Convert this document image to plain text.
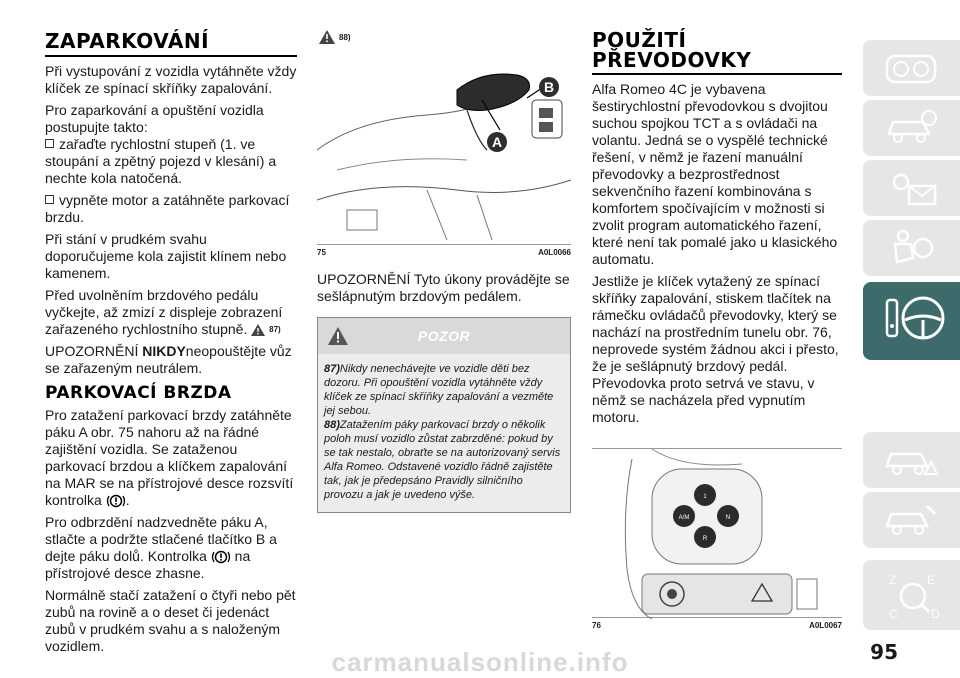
ZAPARKOVÁNÍ

Při vystupování z vozidla vytáhněte vždy klíček ze spínací skříňky zapalování.

Pro zaparkování a opuštění vozidla postupujte takto:

zařaďte rychlostní stupeň (1. ve

stoupání a zpětný pojezd v klesání) a nechte kola natočená.

vypněte motor a zatáhněte parkovací

brzdu.

Při stání v prudkém svahu doporučujeme kola zajistit klínem nebo kamenem.

Před uvolněním brzdového pedálu vyčkejte, až zmizí z displeje zobrazení zařazeného rychlostního stupně.	$^{87)}$

UPOZORNĚNÍ NIKDYneopouštějte vůz se zařazeným neutrálem.

PARKOVACÍ BRZDA

Pro zatažení parkovací brzdy zatáhněte páku A obr. 75 nahoru až na řádné zajištění vozidla. Se zataženou parkovací brzdou a klíčkem zapalování na MAR se na přístrojové desce rozsvítí kontrolka .

Pro odbrzdění nadzvedněte páku A, stlačte a podržte stlačené tlačítko B a dejte páku dolů. Kontrolka na přístrojové desce zhasne.

Normálně stačí zatažení o čtyři nebo pět zubů na rovině a o deset či jedenáct zubů v prudkém svahu a s naloženým vozidlem.

88)
A
B
75	A0L0066

UPOZORNĚNÍ Tyto úkony provádějte se sešlápnutým brzdovým pedálem.

POZOR
87)Nikdy nenechávejte ve vozidle děti bez dozoru. Při opouštění vozidla vytáhněte vždy klíček ze spínací skříňky zapalování a vezměte jej sebou.
88)Zatažením páky parkovací brzdy o několik poloh musí vozidlo zůstat zabrzděné: pokud by se tak nestalo, obraťte se na autorizovaný servis Alfa Romeo. Odstavené vozidlo řádně zajistěte tak, jak je předepsáno Pravidly silničního provozu a jak je uvedeno výše.
POUŽITÍ
PŘEVODOVKY

Alfa Romeo 4C je vybavena šestirychlostní převodovkou s dvojitou suchou spojkou TCT a s ovládači na volantu. Jedná se o vyspělé technické řešení, v němž je řazení manuální převodovky a bezprostřednost sekvenčního řazení kombinována s komfortem spočívajícím v možnosti si zvolit program automatického řazení, které není tak pomalé jako u klasického automatu.

Jestliže je klíček vytažený ze spínací skříňky zapalování, stiskem tlačítek na rámečku ovládačů převodovky, který se nachází na prostředním tunelu obr. 76, neprovede systém žádnou akci i přesto, že je sešlápnutý brzdový pedál. Převodovka proto setrvá ve stavu, v němž se nacházela před vypnutím motoru.

1
A/M	N
R
76	A0L0067
Z	E
C	D
95
carmanualsonline.info
